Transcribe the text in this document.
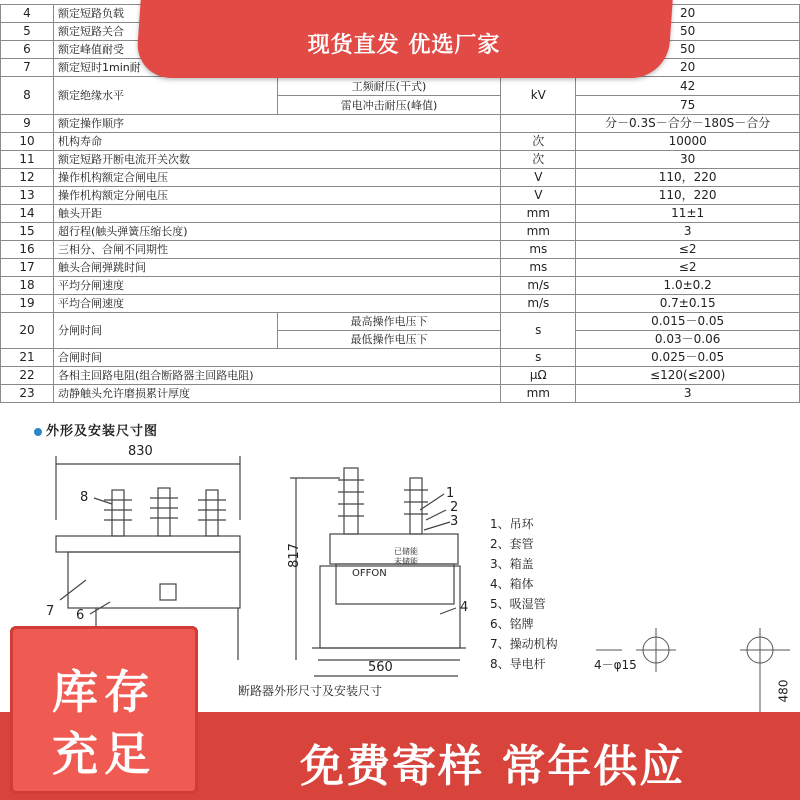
4	额定短路负载			20
5	额定短路关合			50
6	额定峰值耐受			50
7	额定短时1min耐			20
8	额定绝缘水平	工频耐压(干式)	kV	42
		雷电冲击耐压(峰值)		75
9	额定操作顺序			分－0.3S－合分－180S－合分
10	机构寿命		次	10000
11	额定短路开断电流开关次数		次	30
12	操作机构额定合闸电压		V	110，220
13	操作机构额定分闸电压		V	110，220
14	触头开距		mm	11±1
15	超行程(触头弹簧压缩长度)		mm	3
16	三相分、合闸不同期性		ms	≤2
17	触头合闸弹跳时间		ms	≤2
18	平均分闸速度		m/s	1.0±0.2
19	平均合闸速度		m/s	0.7±0.15
20	分闸时间	最高操作电压下	s	0.015－0.05
		最低操作电压下		0.03－0.06
21	合闸时间		s	0.025－0.05
22	各相主回路电阻(组合断路器主回路电阻)		μΩ	≤120(≤200)
23	动静触头允许磨损累计厚度		mm	3
外形及安装尺寸图
830
817
560	4－φ15
480
8
7 6
1
2
3
4
已储能
未储能
OFFON
1、吊环
2、套管
3、箱盖
4、箱体
5、吸湿管
6、铭牌
7、操动机构
8、导电杆
断路器外形尺寸及安装尺寸
现货直发 优选厂家
库存
充足	免费寄样 常年供应
